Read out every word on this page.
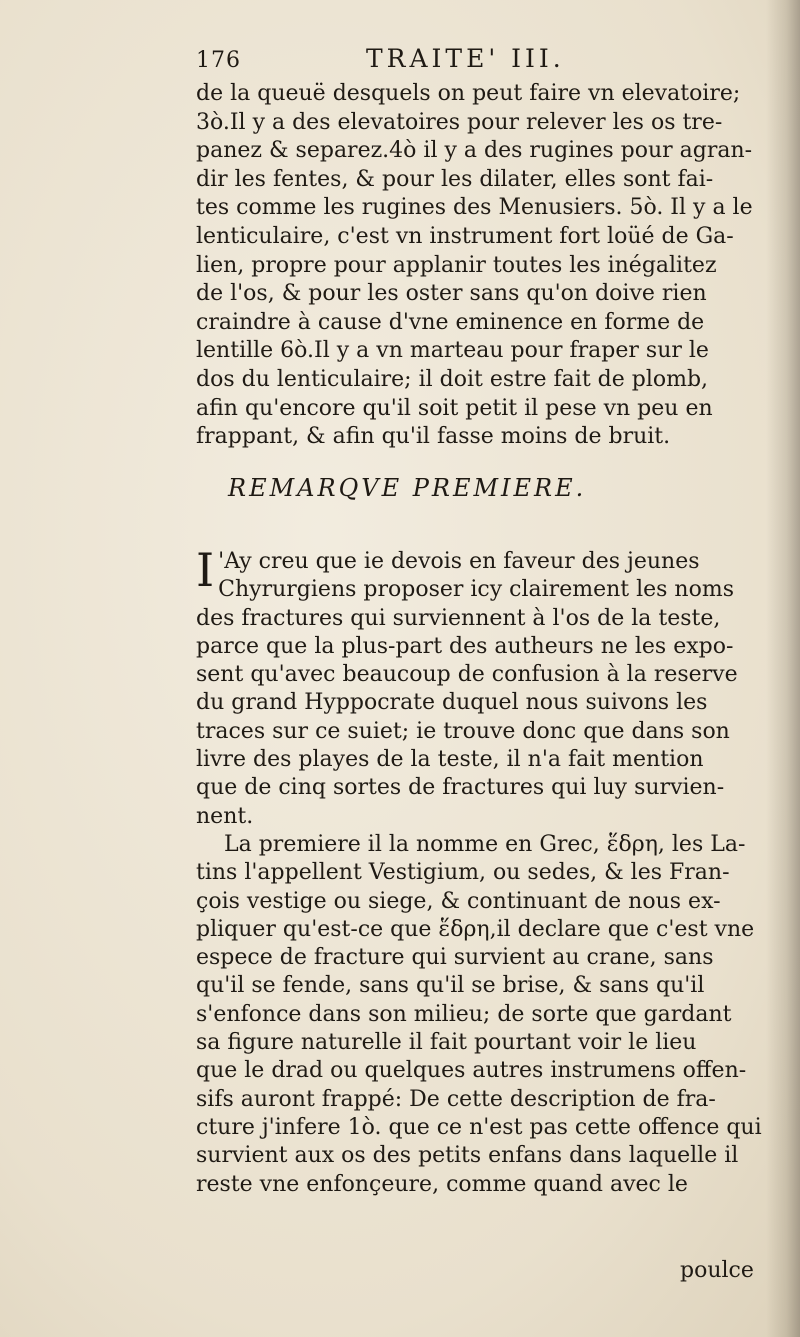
176	TRAITE' III.
de la queuë desquels on peut faire vn elevatoire;
3ò.Il y a des elevatoires pour relever les os tre-
panez & separez.4ò il y a des rugines pour agran-
dir les fentes, & pour les dilater, elles sont fai-
tes comme les rugines des Menusiers. 5ò. Il y a le
lenticulaire, c'est vn instrument fort loüé de Ga-
lien, propre pour applanir toutes les inégalitez
de l'os, & pour les oster sans qu'on doive rien
craindre à cause d'vne eminence en forme de
lentille 6ò.Il y a vn marteau pour fraper sur le
dos du lenticulaire; il doit estre fait de plomb,
afin qu'encore qu'il soit petit il pese vn peu en
frappant, & afin qu'il fasse moins de bruit.
REMARQVE PREMIERE.
I 'Ay creu que ie devois en faveur des jeunes
Chyrurgiens proposer icy clairement les noms
des fractures qui surviennent à l'os de la teste,
parce que la plus-part des autheurs ne les expo-
sent qu'avec beaucoup de confusion à la reserve
du grand Hyppocrate duquel nous suivons les
traces sur ce suiet; ie trouve donc que dans son
livre des playes de la teste, il n'a fait mention
que de cinq sortes de fractures qui luy survien-
nent.
La premiere il la nomme en Grec, ἕδρη, les La-
tins l'appellent Vestigium, ou sedes, & les Fran-
çois vestige ou siege, & continuant de nous ex-
pliquer qu'est-ce que ἕδρη,il declare que c'est vne
espece de fracture qui survient au crane, sans
qu'il se fende, sans qu'il se brise, & sans qu'il
s'enfonce dans son milieu; de sorte que gardant
sa figure naturelle il fait pourtant voir le lieu
que le drad ou quelques autres instrumens offen-
sifs auront frappé: De cette description de fra-
cture j'infere 1ò. que ce n'est pas cette offence qui
survient aux os des petits enfans dans laquelle il
reste vne enfonçeure, comme quand avec le
poulce
